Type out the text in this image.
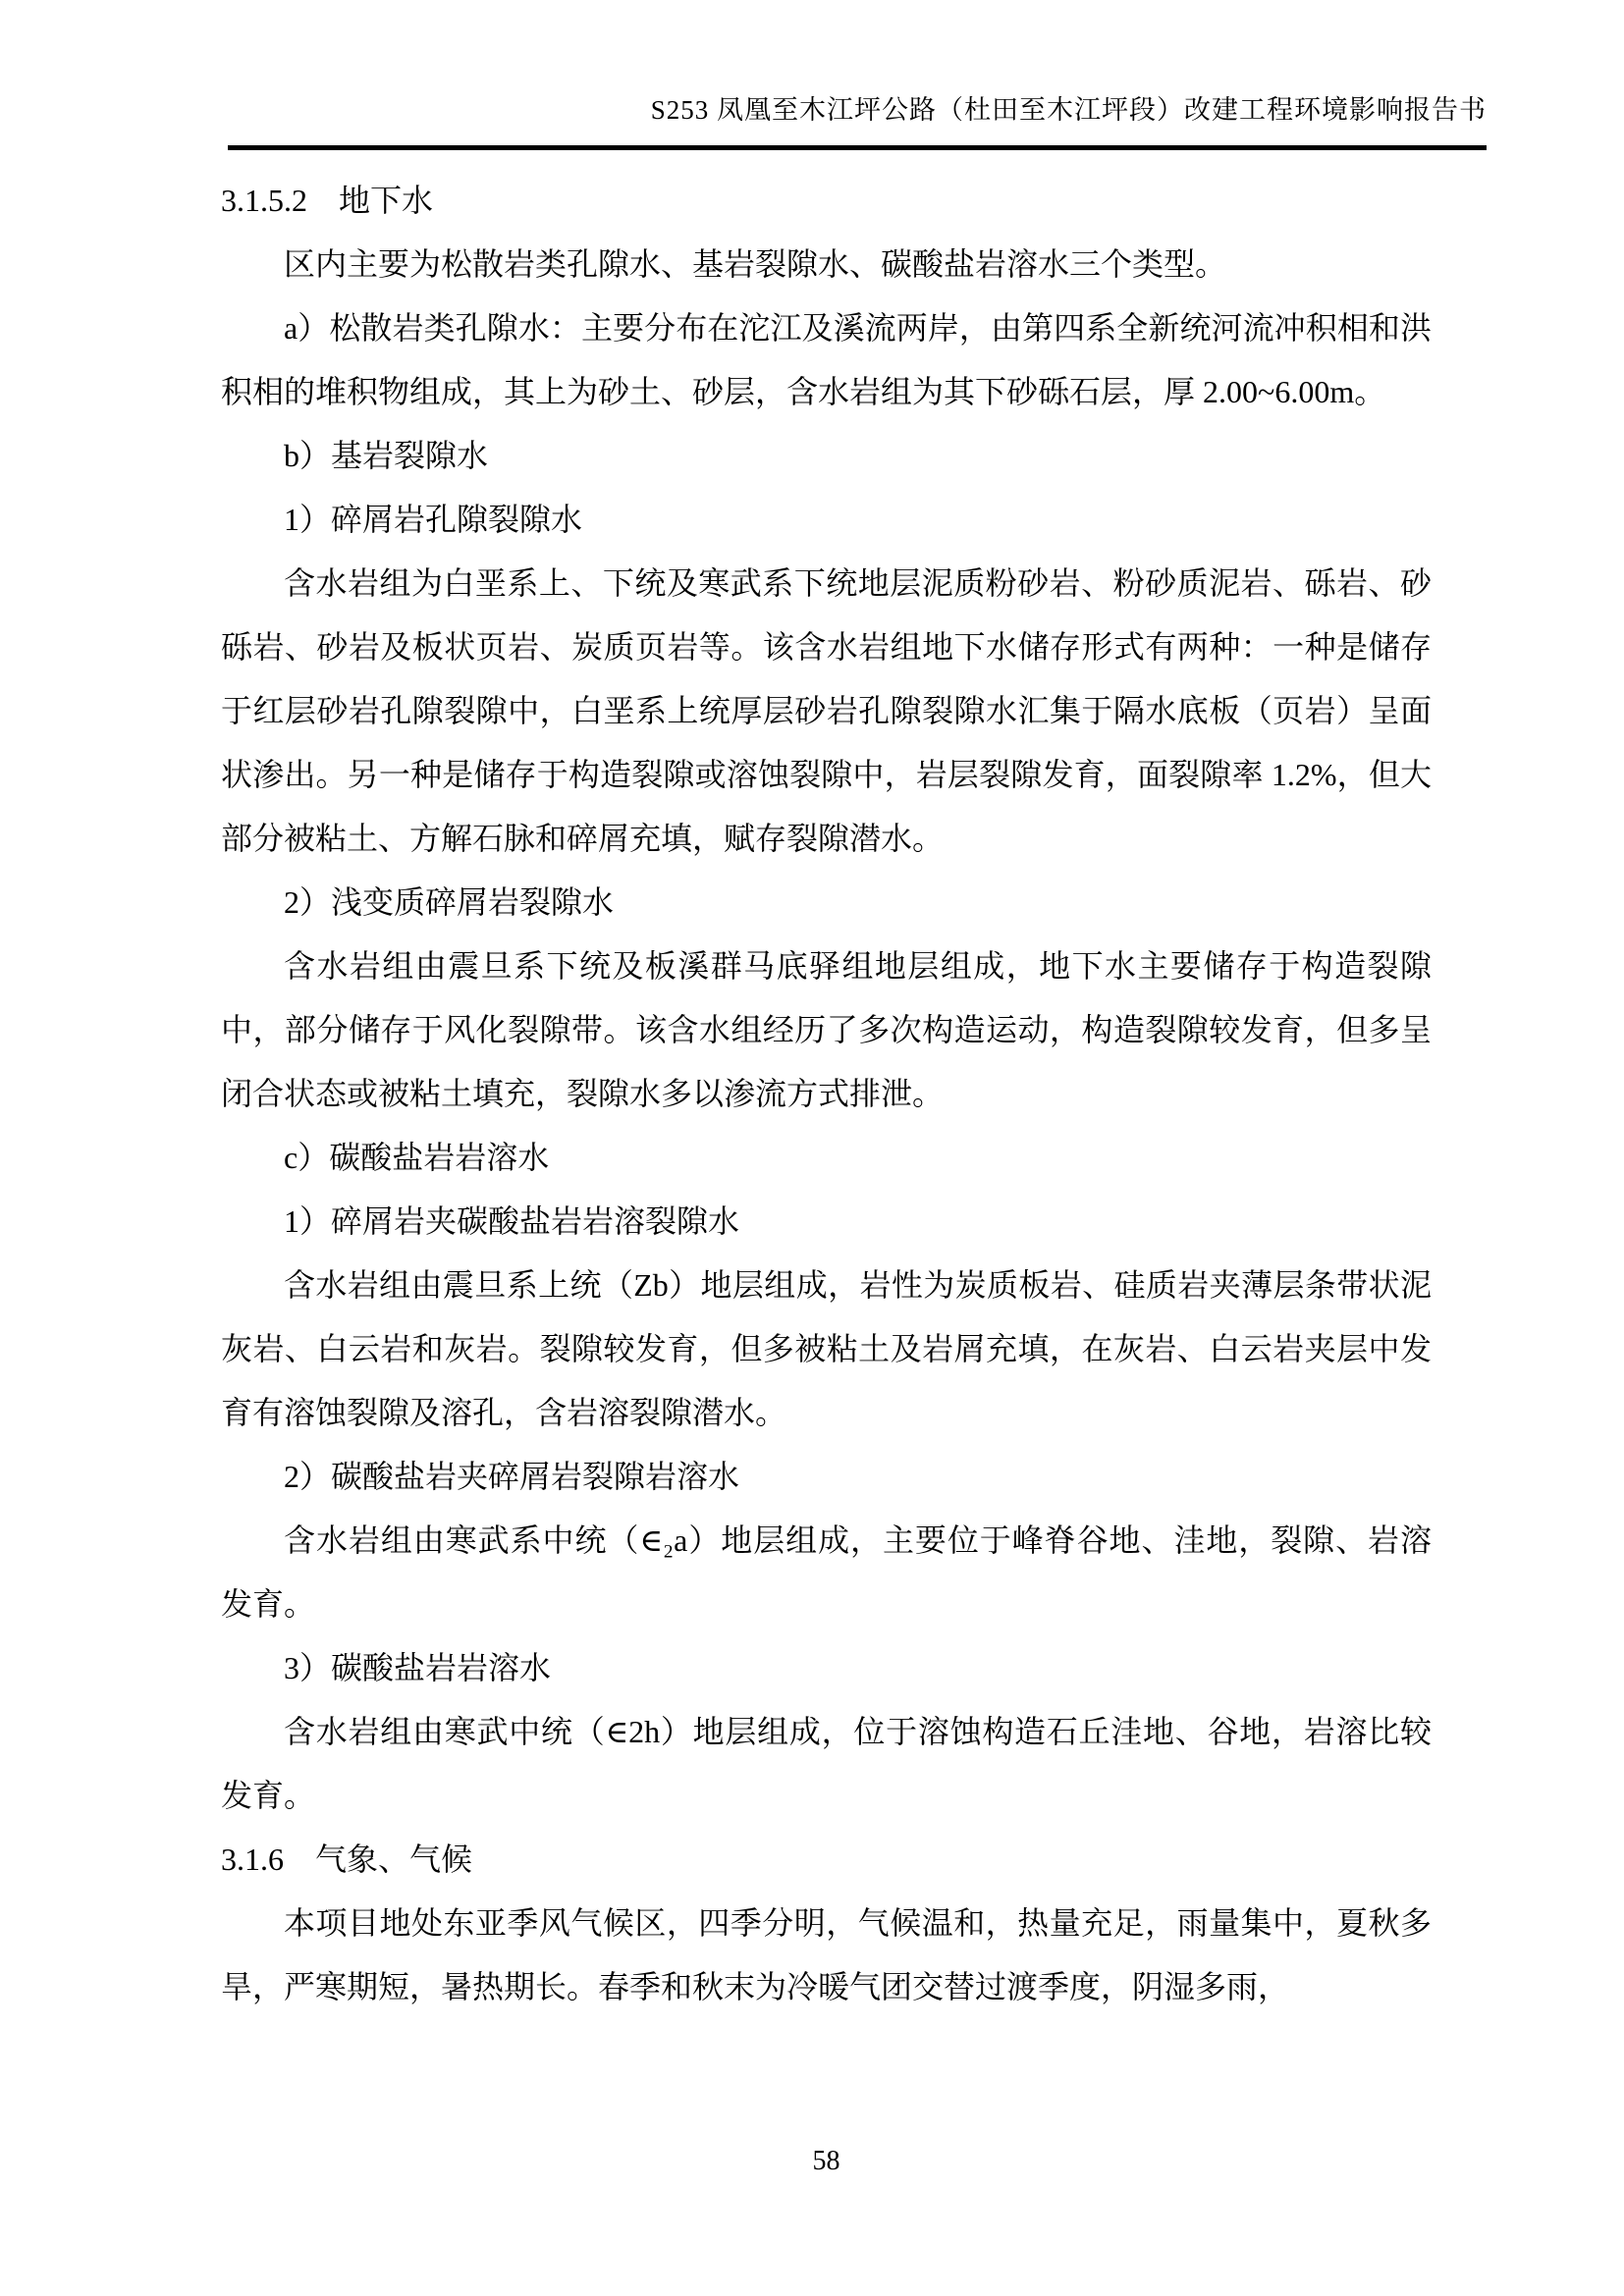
S253 凤凰至木江坪公路（杜田至木江坪段）改建工程环境影响报告书

3.1.5.2　地下水

区内主要为松散岩类孔隙水、基岩裂隙水、碳酸盐岩溶水三个类型。

a）松散岩类孔隙水：主要分布在沱江及溪流两岸，由第四系全新统河流冲积相和洪积相的堆积物组成，其上为砂土、砂层，含水岩组为其下砂砾石层，厚 2.00~6.00m。

b）基岩裂隙水

1）碎屑岩孔隙裂隙水

含水岩组为白垩系上、下统及寒武系下统地层泥质粉砂岩、粉砂质泥岩、砾岩、砂砾岩、砂岩及板状页岩、炭质页岩等。该含水岩组地下水储存形式有两种：一种是储存于红层砂岩孔隙裂隙中，白垩系上统厚层砂岩孔隙裂隙水汇集于隔水底板（页岩）呈面状渗出。另一种是储存于构造裂隙或溶蚀裂隙中，岩层裂隙发育，面裂隙率 1.2%，但大部分被粘土、方解石脉和碎屑充填，赋存裂隙潜水。

2）浅变质碎屑岩裂隙水

含水岩组由震旦系下统及板溪群马底驿组地层组成，地下水主要储存于构造裂隙中，部分储存于风化裂隙带。该含水组经历了多次构造运动，构造裂隙较发育，但多呈闭合状态或被粘土填充，裂隙水多以渗流方式排泄。

c）碳酸盐岩岩溶水

1）碎屑岩夹碳酸盐岩岩溶裂隙水

含水岩组由震旦系上统（Zb）地层组成，岩性为炭质板岩、硅质岩夹薄层条带状泥灰岩、白云岩和灰岩。裂隙较发育，但多被粘土及岩屑充填，在灰岩、白云岩夹层中发育有溶蚀裂隙及溶孔，含岩溶裂隙潜水。

2）碳酸盐岩夹碎屑岩裂隙岩溶水

含水岩组由寒武系中统（∈₂a）地层组成，主要位于峰脊谷地、洼地，裂隙、岩溶发育。

3）碳酸盐岩岩溶水

含水岩组由寒武中统（∈2h）地层组成，位于溶蚀构造石丘洼地、谷地，岩溶比较发育。

3.1.6　气象、气候

本项目地处东亚季风气候区，四季分明，气候温和，热量充足，雨量集中，夏秋多旱，严寒期短，暑热期长。春季和秋末为冷暖气团交替过渡季度，阴湿多雨，

58
